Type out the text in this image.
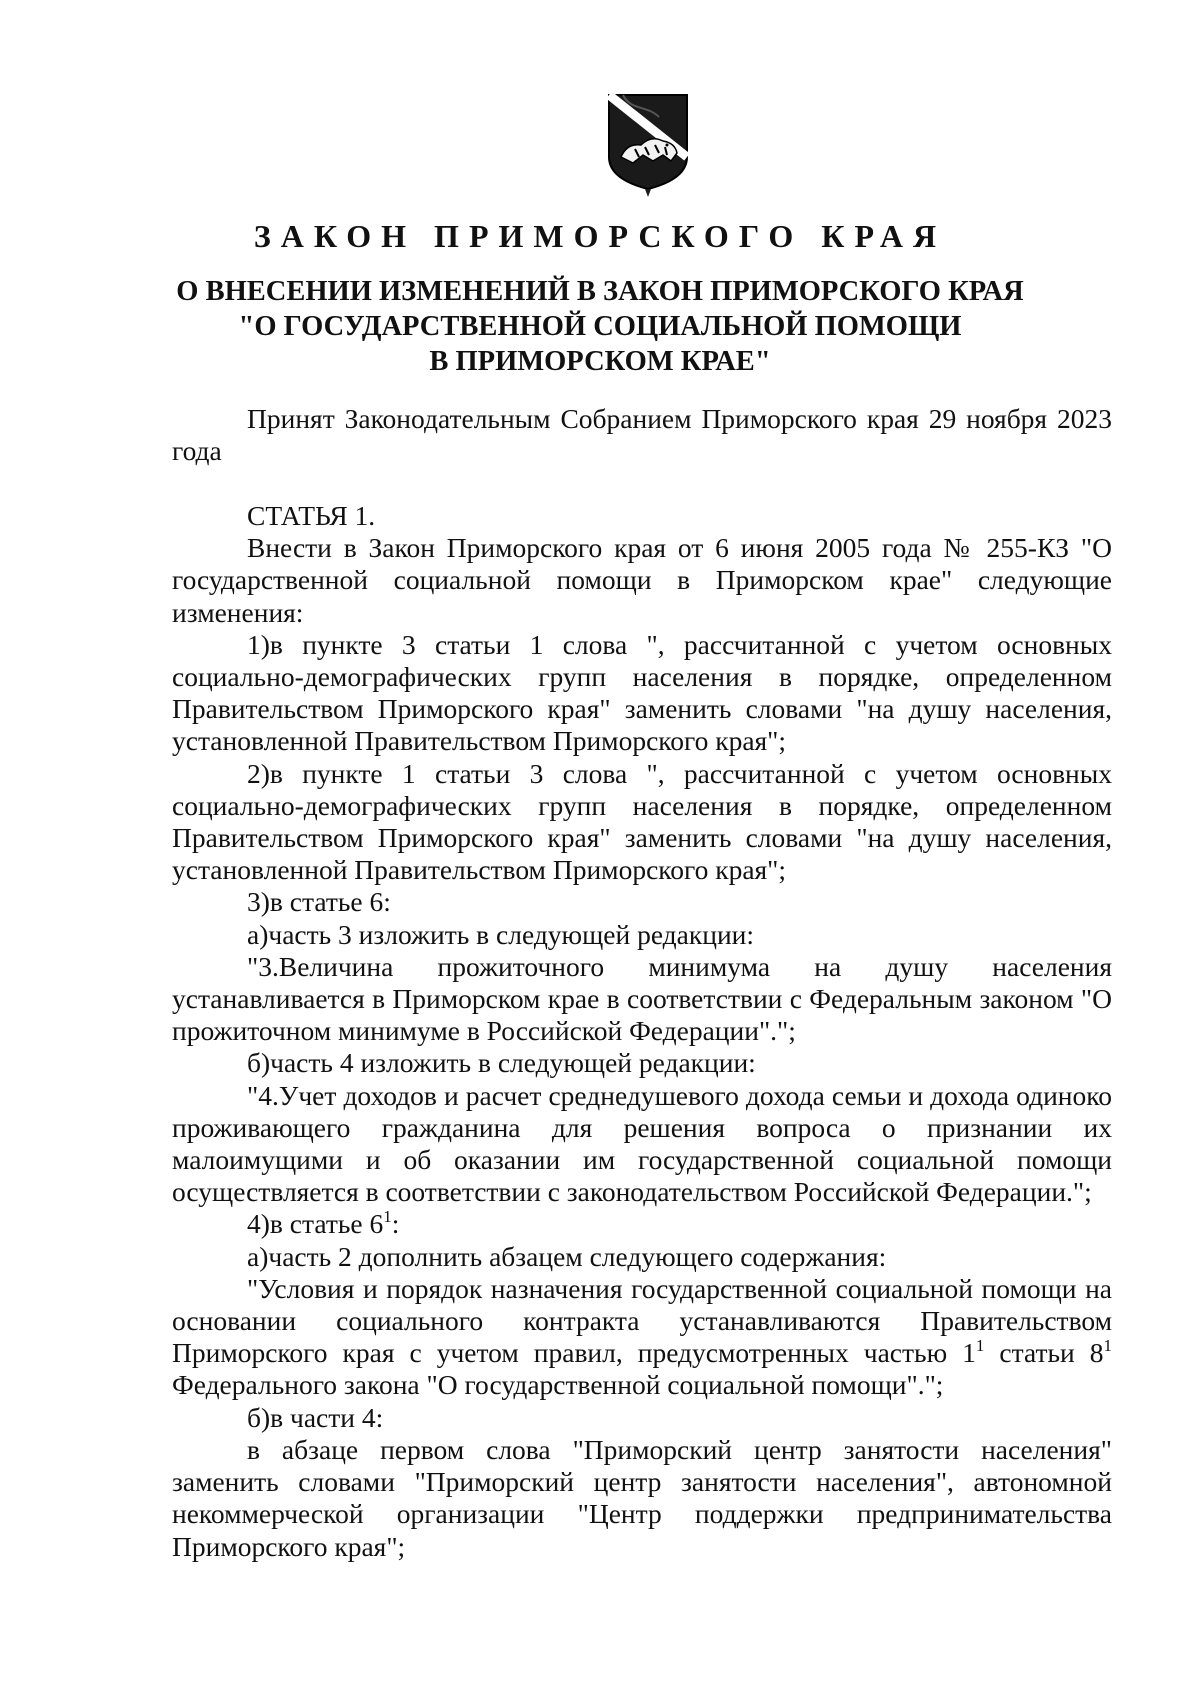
ЗАКОН ПРИМОРСКОГО КРАЯ
О ВНЕСЕНИИ ИЗМЕНЕНИЙ В ЗАКОН ПРИМОРСКОГО КРАЯ
"О ГОСУДАРСТВЕННОЙ СОЦИАЛЬНОЙ ПОМОЩИ
В ПРИМОРСКОМ КРАЕ"

Принят Законодательным Собранием Приморского края 29 ноября 2023 года

СТАТЬЯ 1.

Внести в Закон Приморского края от 6 июня 2005 года № 255-КЗ "О государственной социальной помощи в Приморском крае" следующие изменения:

1)в пункте 3 статьи 1 слова ", рассчитанной с учетом основных социально-демографических групп населения в порядке, определенном Правительством Приморского края" заменить словами "на душу населения, установленной Правительством Приморского края";

2)в пункте 1 статьи 3 слова ", рассчитанной с учетом основных социально-демографических групп населения в порядке, определенном Правительством Приморского края" заменить словами "на душу населения, установленной Правительством Приморского края";

3)в статье 6:

а)часть 3 изложить в следующей редакции:

"3.Величина прожиточного минимума на душу населения устанавливается в Приморском крае в соответствии с Федеральным законом "О прожиточном минимуме в Российской Федерации".";

б)часть 4 изложить в следующей редакции:

"4.Учет доходов и расчет среднедушевого дохода семьи и дохода одиноко проживающего гражданина для решения вопроса о признании их малоимущими и об оказании им государственной социальной помощи осуществляется в соответствии с законодательством Российской Федерации.";

4)в статье $6^1$:

а)часть 2 дополнить абзацем следующего содержания:

"Условия и порядок назначения государственной социальной помощи на основании социального контракта устанавливаются Правительством Приморского края с учетом правил, предусмотренных частью $1^1$ статьи $8^1$ Федерального закона "О государственной социальной помощи".";

б)в части 4:

в абзаце первом слова "Приморский центр занятости населения" заменить словами "Приморский центр занятости населения", автономной некоммерческой организации "Центр поддержки предпринимательства Приморского края";
